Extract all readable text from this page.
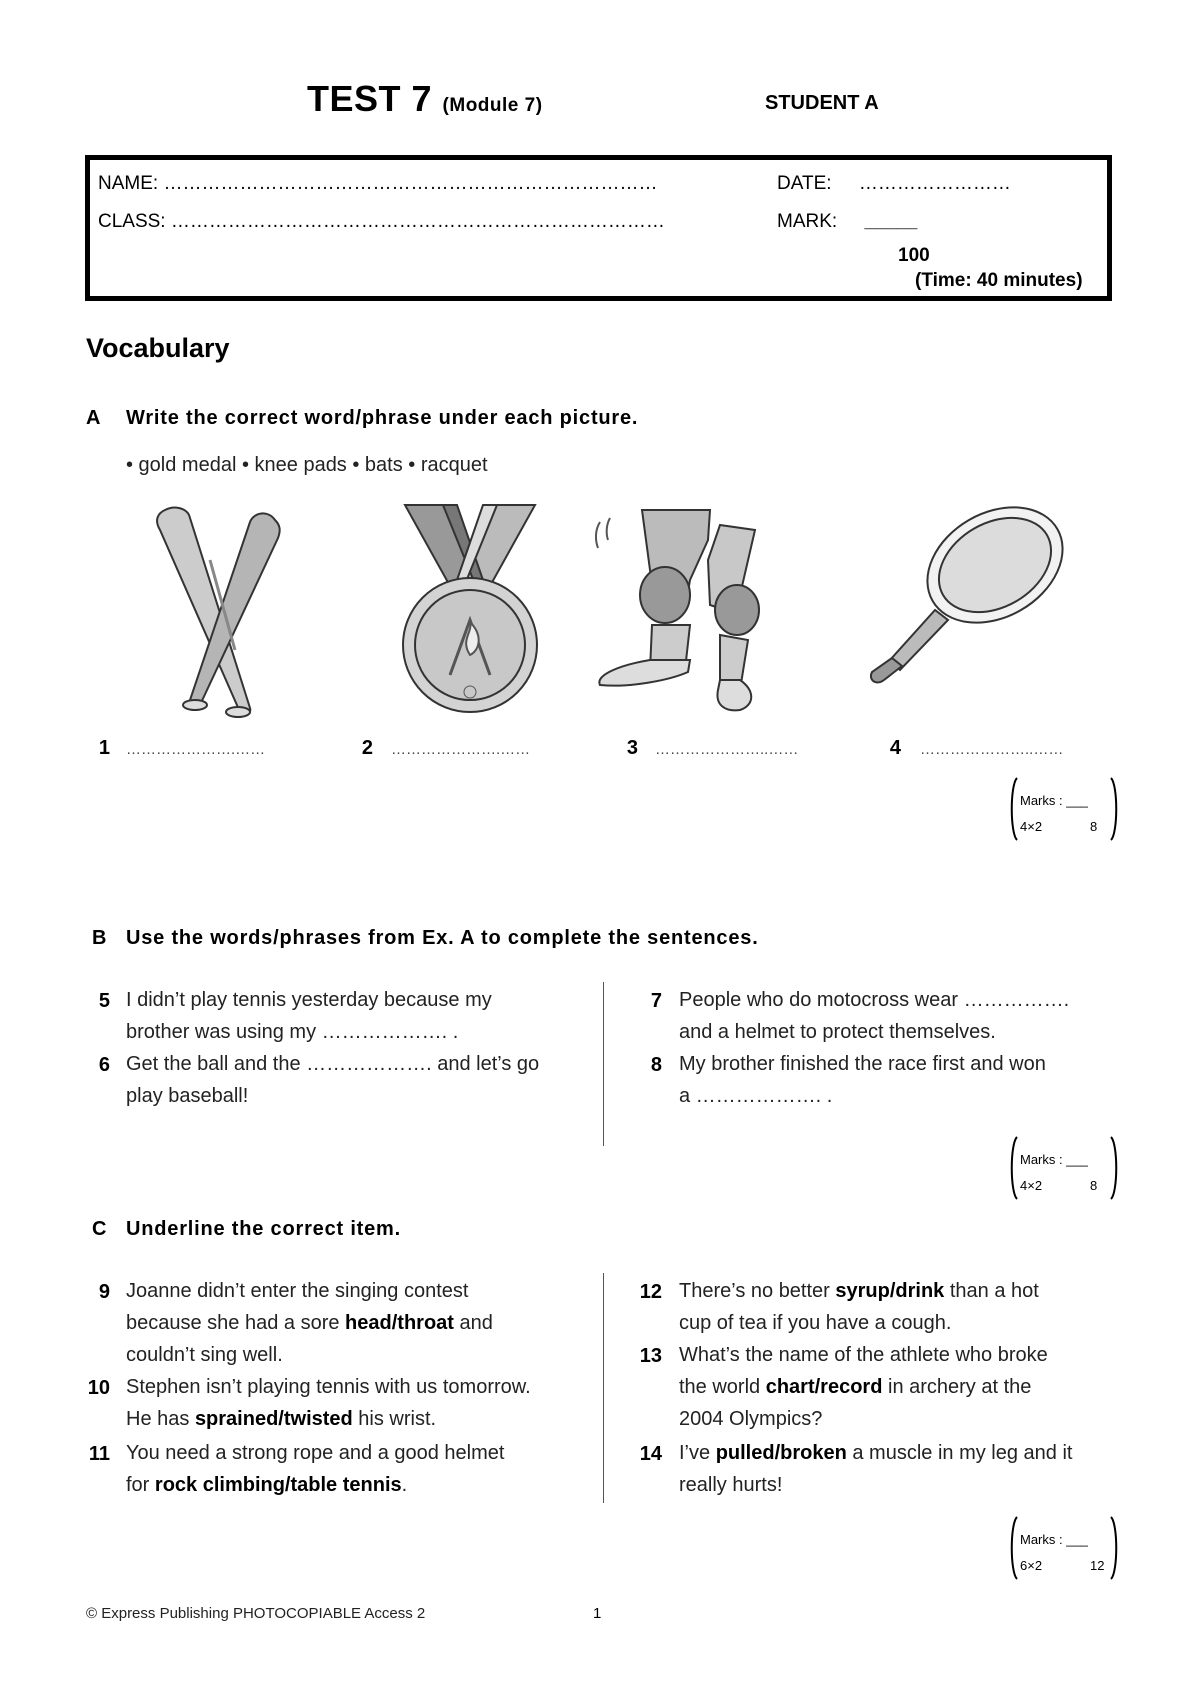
TEST 7 (Module 7)	STUDENT A
NAME: ……………………………………………………………………	DATE: ……………………
CLASS: ……………………………………………………………………	MARK: _____
100
(Time: 40 minutes)
Vocabulary
A Write the correct word/phrase under each picture.
• gold medal • knee pads • bats • racquet
1 ………………….……	2 ………………….……	3 …………………..……	4 …………………..……
Marks : ___
4×2	8
B Use the words/phrases from Ex. A to complete the sentences.
5 I didn’t play tennis yesterday because my
brother was using my ………………. .
6 Get the ball and the ………………. and let’s go
play baseball!
7 People who do motocross wear …………….
and a helmet to protect themselves.
8 My brother finished the race first and won
a ………………. .
Marks : ___
4×2	8
C Underline the correct item.
9 Joanne didn’t enter the singing contest
because she had a sore head/throat and
couldn’t sing well.
10 Stephen isn’t playing tennis with us tomorrow.
He has sprained/twisted his wrist.
11 You need a strong rope and a good helmet
for rock climbing/table tennis.
12 There’s no better syrup/drink than a hot
cup of tea if you have a cough.
13 What’s the name of the athlete who broke
the world chart/record in archery at the
2004 Olympics?
14 I’ve pulled/broken a muscle in my leg and it
really hurts!
Marks : ___
6×2	12
© Express Publishing PHOTOCOPIABLE Access 2	1
